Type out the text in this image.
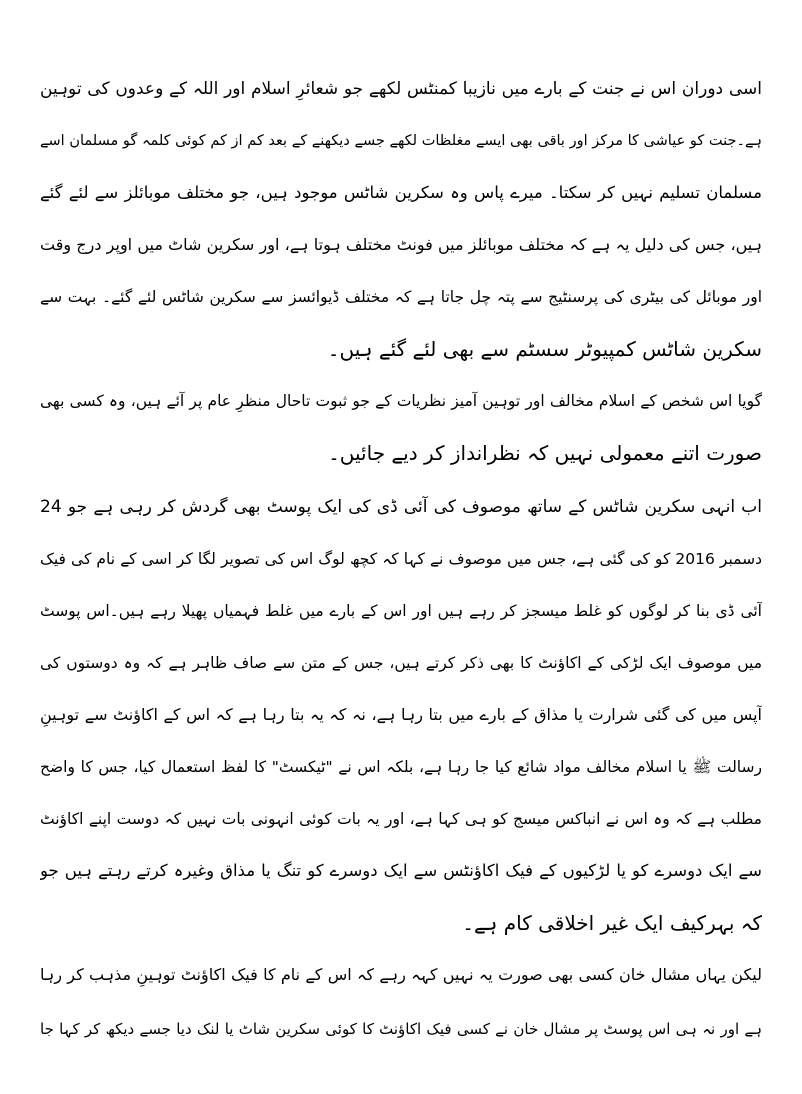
اسی دوران اس نے جنت کے بارے میں نازیبا کمنٹس لکھے جو شعائرِ اسلام اور اللہ کے وعدوں کی توہین
ہے۔جنت کو عیاشی کا مرکز اور باقی بھی ایسے مغلظات لکھے جسے دیکھنے کے بعد کم از کم کوئی کلمہ گو مسلمان اسے
مسلمان تسلیم نہیں کر سکتا۔ میرے پاس وہ سکرین شاٹس موجود ہیں، جو مختلف موبائلز سے لئے گئے
ہیں، جس کی دلیل یہ ہے کہ مختلف موبائلز میں فونٹ مختلف ہوتا ہے، اور سکرین شاٹ میں اوپر درج وقت
اور موبائل کی بیٹری کی پرسنٹیج سے پتہ چل جاتا ہے کہ مختلف ڈیوائسز سے سکرین شاٹس لئے گئے۔ بہت سے
سکرین شاٹس کمپیوٹر سسٹم سے بھی لئے گئے ہیں۔
گویا اس شخص کے اسلام مخالف اور توہین آمیز نظریات کے جو ثبوت تاحال منظرِ عام پر آئے ہیں، وہ کسی بھی
صورت اتنے معمولی نہیں کہ نظرانداز کر دیے جائیں۔
اب انہی سکرین شاٹس کے ساتھ موصوف کی آئی ڈی کی ایک پوسٹ بھی گردش کر رہی ہے جو 24
دسمبر 2016 کو کی گئی ہے، جس میں موصوف نے کہا کہ کچھ لوگ اس کی تصویر لگا کر اسی کے نام کی فیک
آئی ڈی بنا کر لوگوں کو غلط میسجز کر رہے ہیں اور اس کے بارے میں غلط فہمیاں پھیلا رہے ہیں۔اس پوسٹ
میں موصوف ایک لڑکی کے اکاؤنٹ کا بھی ذکر کرتے ہیں، جس کے متن سے صاف ظاہر ہے کہ وہ دوستوں کی
آپس میں کی گئی شرارت یا مذاق کے بارے میں بتا رہا ہے، نہ کہ یہ بتا رہا ہے کہ اس کے اکاؤنٹ سے توہینِ
رسالت ﷺ یا اسلام مخالف مواد شائع کیا جا رہا ہے، بلکہ اس نے "ٹیکسٹ" کا لفظ استعمال کیا، جس کا واضح
مطلب ہے کہ وہ اس نے انباکس میسج کو ہی کہا ہے، اور یہ بات کوئی انہونی بات نہیں کہ دوست اپنے اکاؤنٹ
سے ایک دوسرے کو یا لڑکیوں کے فیک اکاؤنٹس سے ایک دوسرے کو تنگ یا مذاق وغیرہ کرتے رہتے ہیں جو
کہ بہرکیف ایک غیر اخلاقی کام ہے۔
لیکن یہاں مشال خان کسی بھی صورت یہ نہیں کہہ رہے کہ اس کے نام کا فیک اکاؤنٹ توہینِ مذہب کر رہا
ہے اور نہ ہی اس پوسٹ پر مشال خان نے کسی فیک اکاؤنٹ کا کوئی سکرین شاٹ یا لنک دیا جسے دیکھ کر کہا جا
